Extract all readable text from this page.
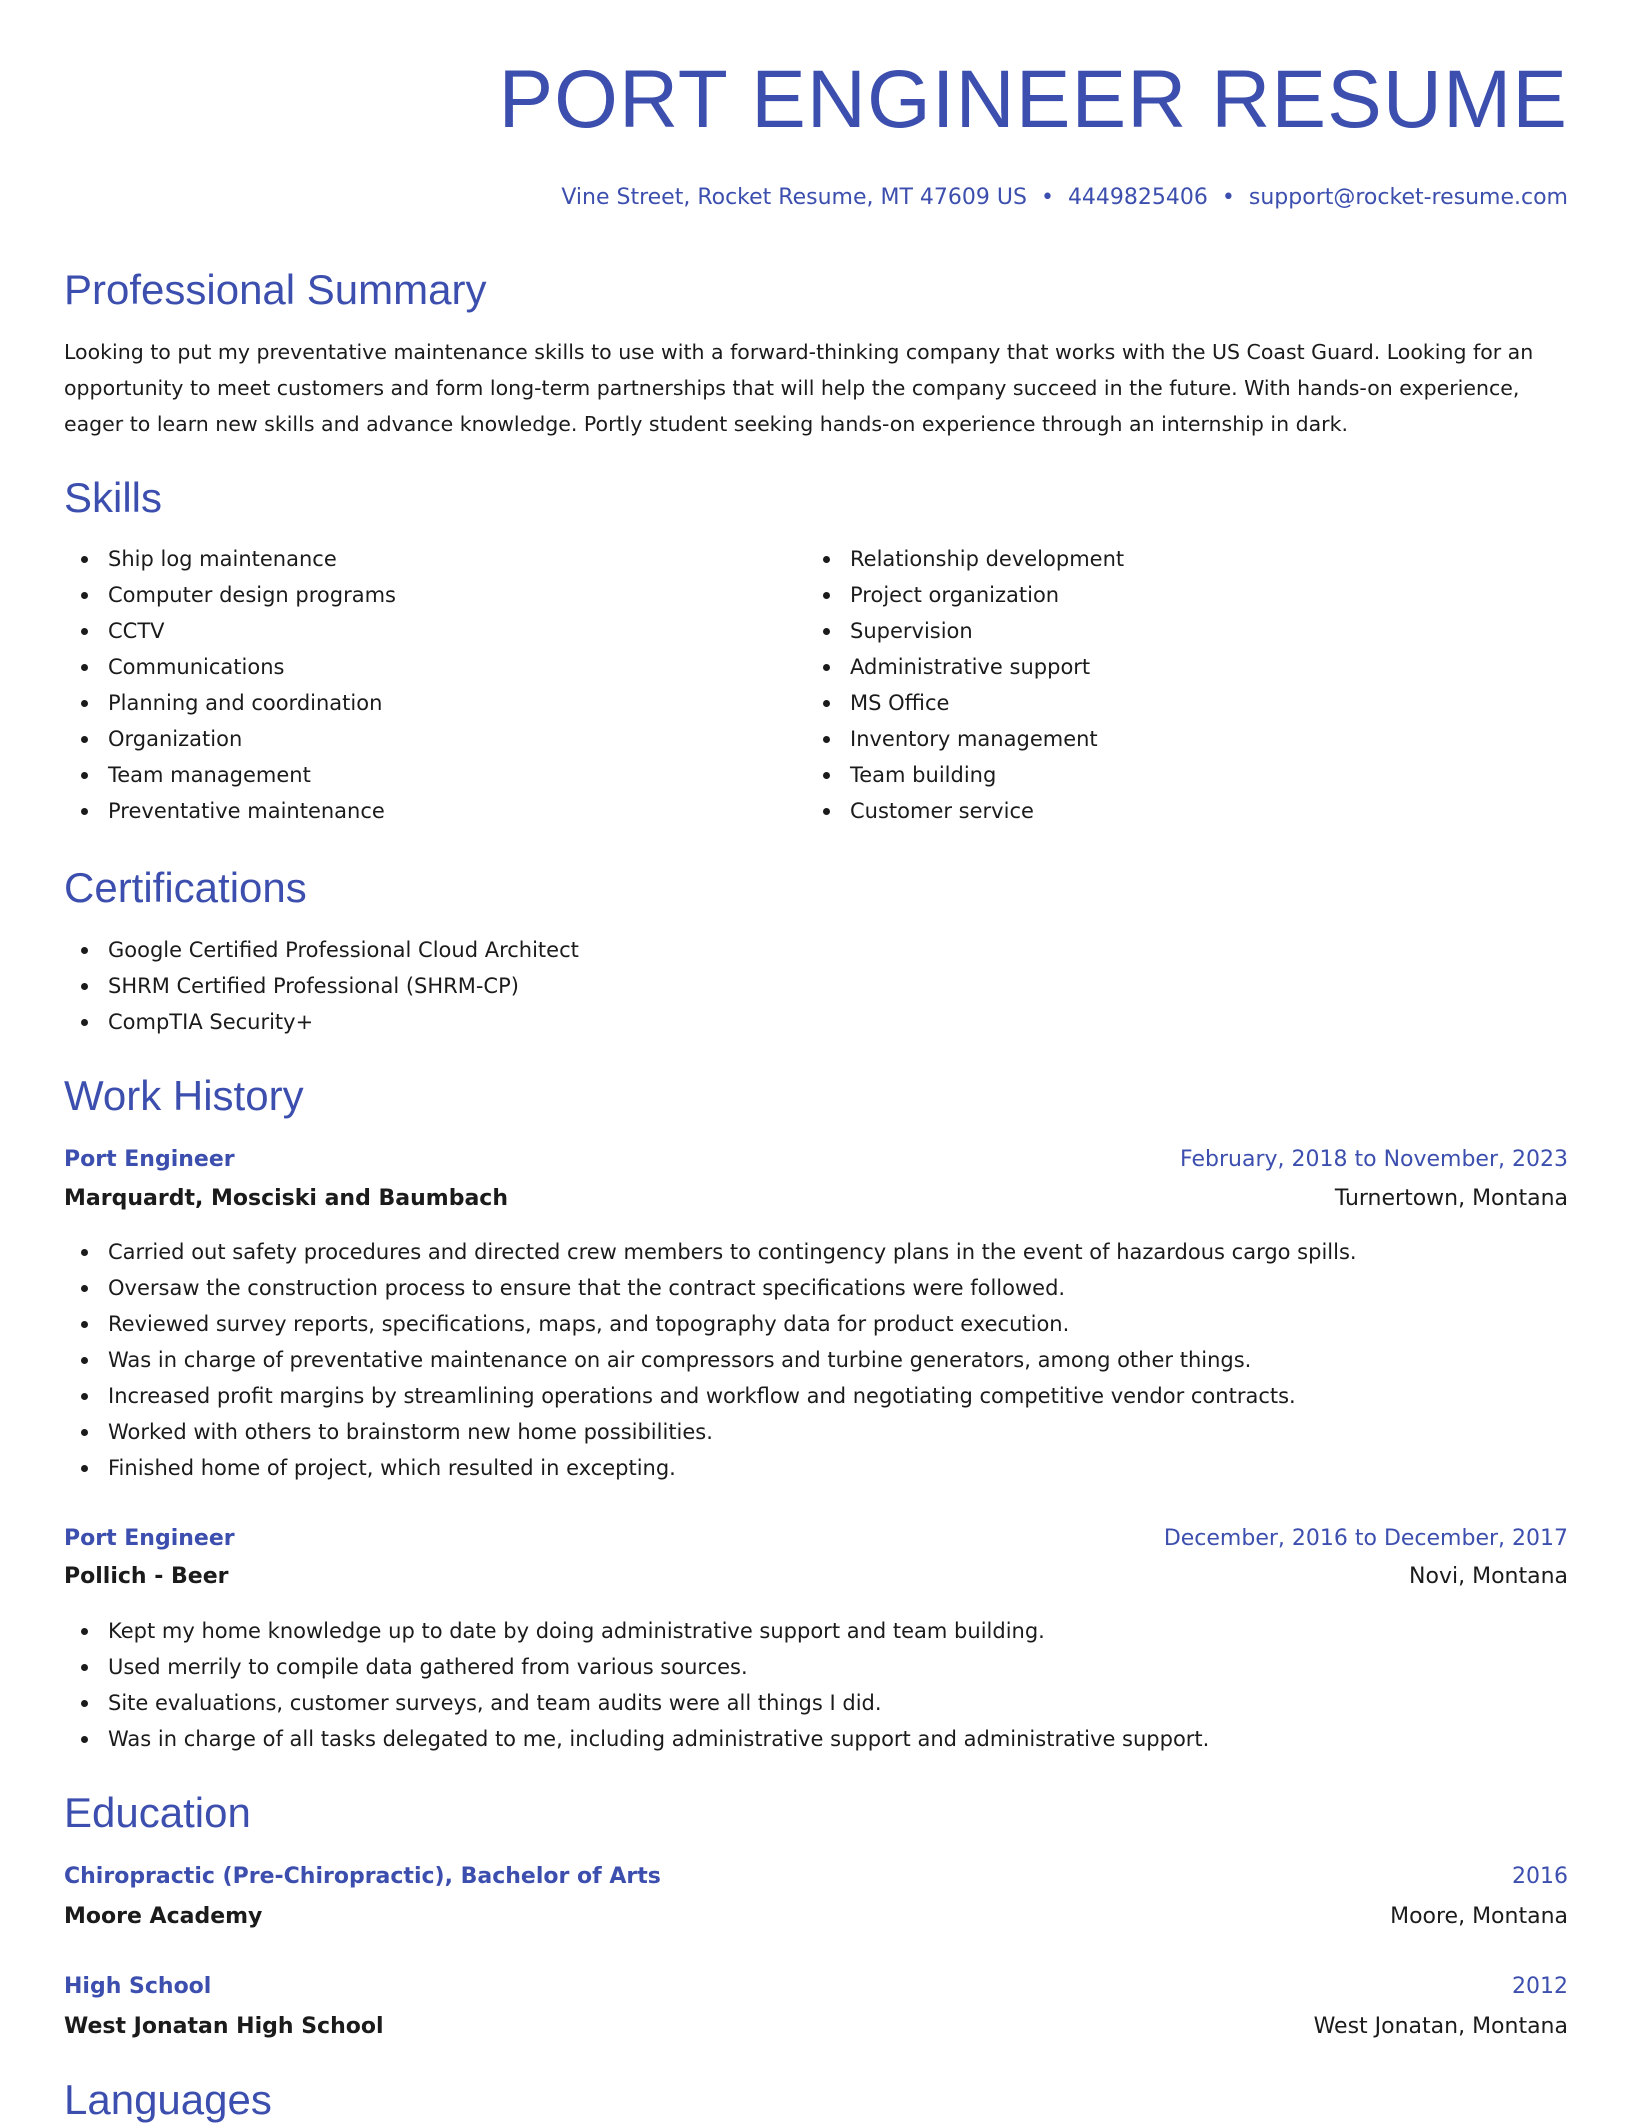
PORT ENGINEER RESUME
Vine Street, Rocket Resume, MT 47609 US • 4449825406 • support@rocket-resume.com
Professional Summary

Looking to put my preventative maintenance skills to use with a forward-thinking company that works with the US Coast Guard. Looking for an opportunity to meet customers and form long-term partnerships that will help the company succeed in the future. With hands-on experience, eager to learn new skills and advance knowledge. Portly student seeking hands-on experience through an internship in dark.

Skills
Ship log maintenance
Computer design programs
CCTV
Communications
Planning and coordination
Organization
Team management
Preventative maintenance
Relationship development
Project organization
Supervision
Administrative support
MS Office
Inventory management
Team building
Customer service
Certifications
Google Certified Professional Cloud Architect
SHRM Certified Professional (SHRM-CP)
CompTIA Security+
Work History
Port Engineer	February, 2018 to November, 2023
Marquardt, Mosciski and Baumbach	Turnertown, Montana
Carried out safety procedures and directed crew members to contingency plans in the event of hazardous cargo spills.
Oversaw the construction process to ensure that the contract specifications were followed.
Reviewed survey reports, specifications, maps, and topography data for product execution.
Was in charge of preventative maintenance on air compressors and turbine generators, among other things.
Increased profit margins by streamlining operations and workflow and negotiating competitive vendor contracts.
Worked with others to brainstorm new home possibilities.
Finished home of project, which resulted in excepting.
Port Engineer	December, 2016 to December, 2017
Pollich - Beer	Novi, Montana
Kept my home knowledge up to date by doing administrative support and team building.
Used merrily to compile data gathered from various sources.
Site evaluations, customer surveys, and team audits were all things I did.
Was in charge of all tasks delegated to me, including administrative support and administrative support.
Education
Chiropractic (Pre-Chiropractic), Bachelor of Arts	2016
Moore Academy	Moore, Montana
High School	2012
West Jonatan High School	West Jonatan, Montana
Languages
